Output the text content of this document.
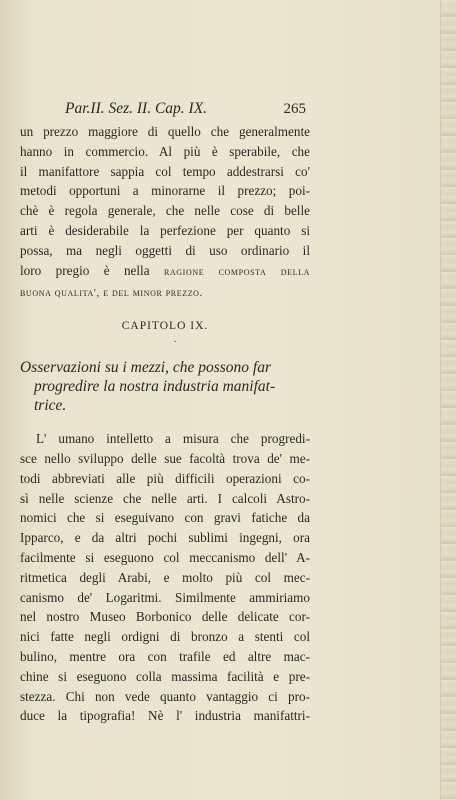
Par.II. Sez. II. Cap. IX.	265
un prezzo maggiore di quello che generalmente
hanno in commercio. Al più è sperabile, che
il manifattore sappia col tempo addestrarsi co'
metodi opportuni a minorarne il prezzo; poi-
chè è regola generale, che nelle cose di belle
arti è desiderabile la perfezione per quanto si
possa, ma negli oggetti di uso ordinario il
loro pregio è nella ragione composta della
buona qualita', e del minor prezzo.
CAPITOLO IX.
·
Osservazioni su i mezzi, che possono far
progredire la nostra industria manifat-
trice.
L' umano intelletto a misura che progredi-
sce nello sviluppo delle sue facoltà trova de' me-
todi abbreviati alle più difficili operazioni co-
sì nelle scienze che nelle arti. I calcoli Astro-
nomici che si eseguivano con gravi fatiche da
Ipparco, e da altri pochi sublimi ingegni, ora
facilmente si eseguono col meccanismo dell' A-
ritmetica degli Arabi, e molto più col mec-
canismo de' Logaritmi. Similmente ammiriamo
nel nostro Museo Borbonico delle delicate cor-
nici fatte negli ordigni di bronzo a stenti col
bulino, mentre ora con trafile ed altre mac-
chine si eseguono colla massima facilità e pre-
stezza. Chi non vede quanto vantaggio ci pro-
duce la tipografia! Nè l' industria manifattri-
